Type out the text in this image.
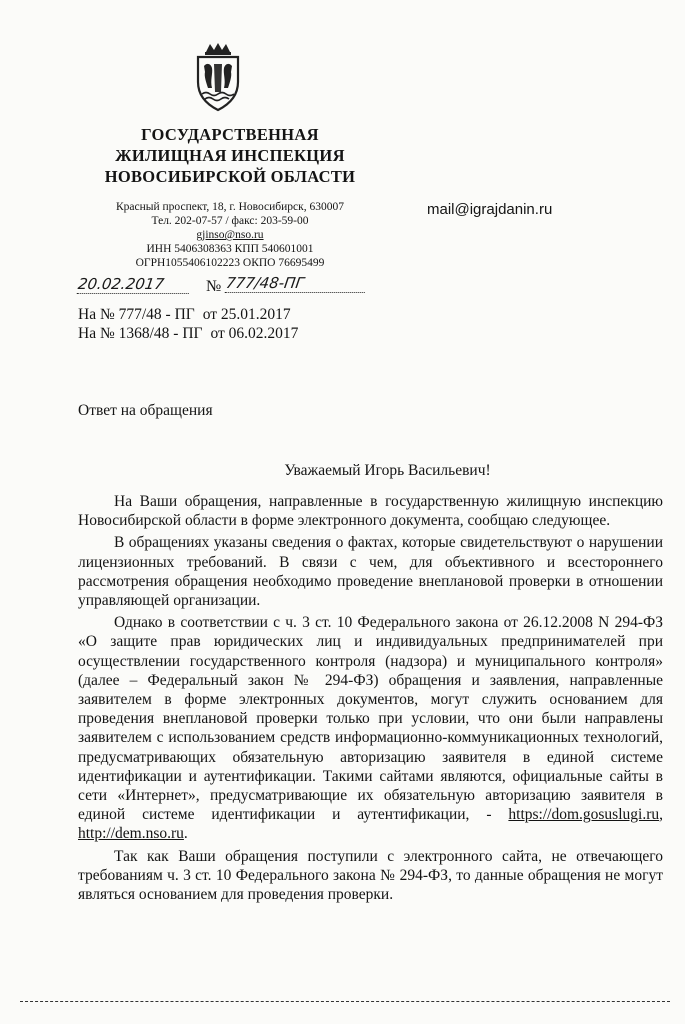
ГОСУДАРСТВЕННАЯ
ЖИЛИЩНАЯ ИНСПЕКЦИЯ
НОВОСИБИРСКОЙ ОБЛАСТИ
Красный проспект, 18, г. Новосибирск, 630007
Тел. 202-07-57 / факс: 203-59-00
gjinso@nso.ru
ИНН 5406308363 КПП 540601001
ОГРН1055406102223 ОКПО 76695499
mail@igrajdanin.ru
20.02.2017	№ 777/48-ПГ
На № 777/48 - ПГ от 25.01.2017
На № 1368/48 - ПГ от 06.02.2017
Ответ на обращения
Уважаемый Игорь Васильевич!

На Ваши обращения, направленные в государственную жилищную инспекцию Новосибирской области в форме электронного документа, сообщаю следующее.

В обращениях указаны сведения о фактах, которые свидетельствуют о нарушении лицензионных требований. В связи с чем, для объективного и всестороннего рассмотрения обращения необходимо проведение внеплановой проверки в отношении управляющей организации.

Однако в соответствии с ч. 3 ст. 10 Федерального закона от 26.12.2008 N 294-ФЗ «О защите прав юридических лиц и индивидуальных предпринимателей при осуществлении государственного контроля (надзора) и муниципального контроля» (далее – Федеральный закон № 294-ФЗ) обращения и заявления, направленные заявителем в форме электронных документов, могут служить основанием для проведения внеплановой проверки только при условии, что они были направлены заявителем с использованием средств информационно-коммуникационных технологий, предусматривающих обязательную авторизацию заявителя в единой системе идентификации и аутентификации. Такими сайтами являются, официальные сайты в сети «Интернет», предусматривающие их обязательную авторизацию заявителя в единой системе идентификации и аутентификации, - https://dom.gosuslugi.ru, http://dem.nso.ru.

Так как Ваши обращения поступили с электронного сайта, не отвечающего требованиям ч. 3 ст. 10 Федерального закона № 294-ФЗ, то данные обращения не могут являться основанием для проведения проверки.
